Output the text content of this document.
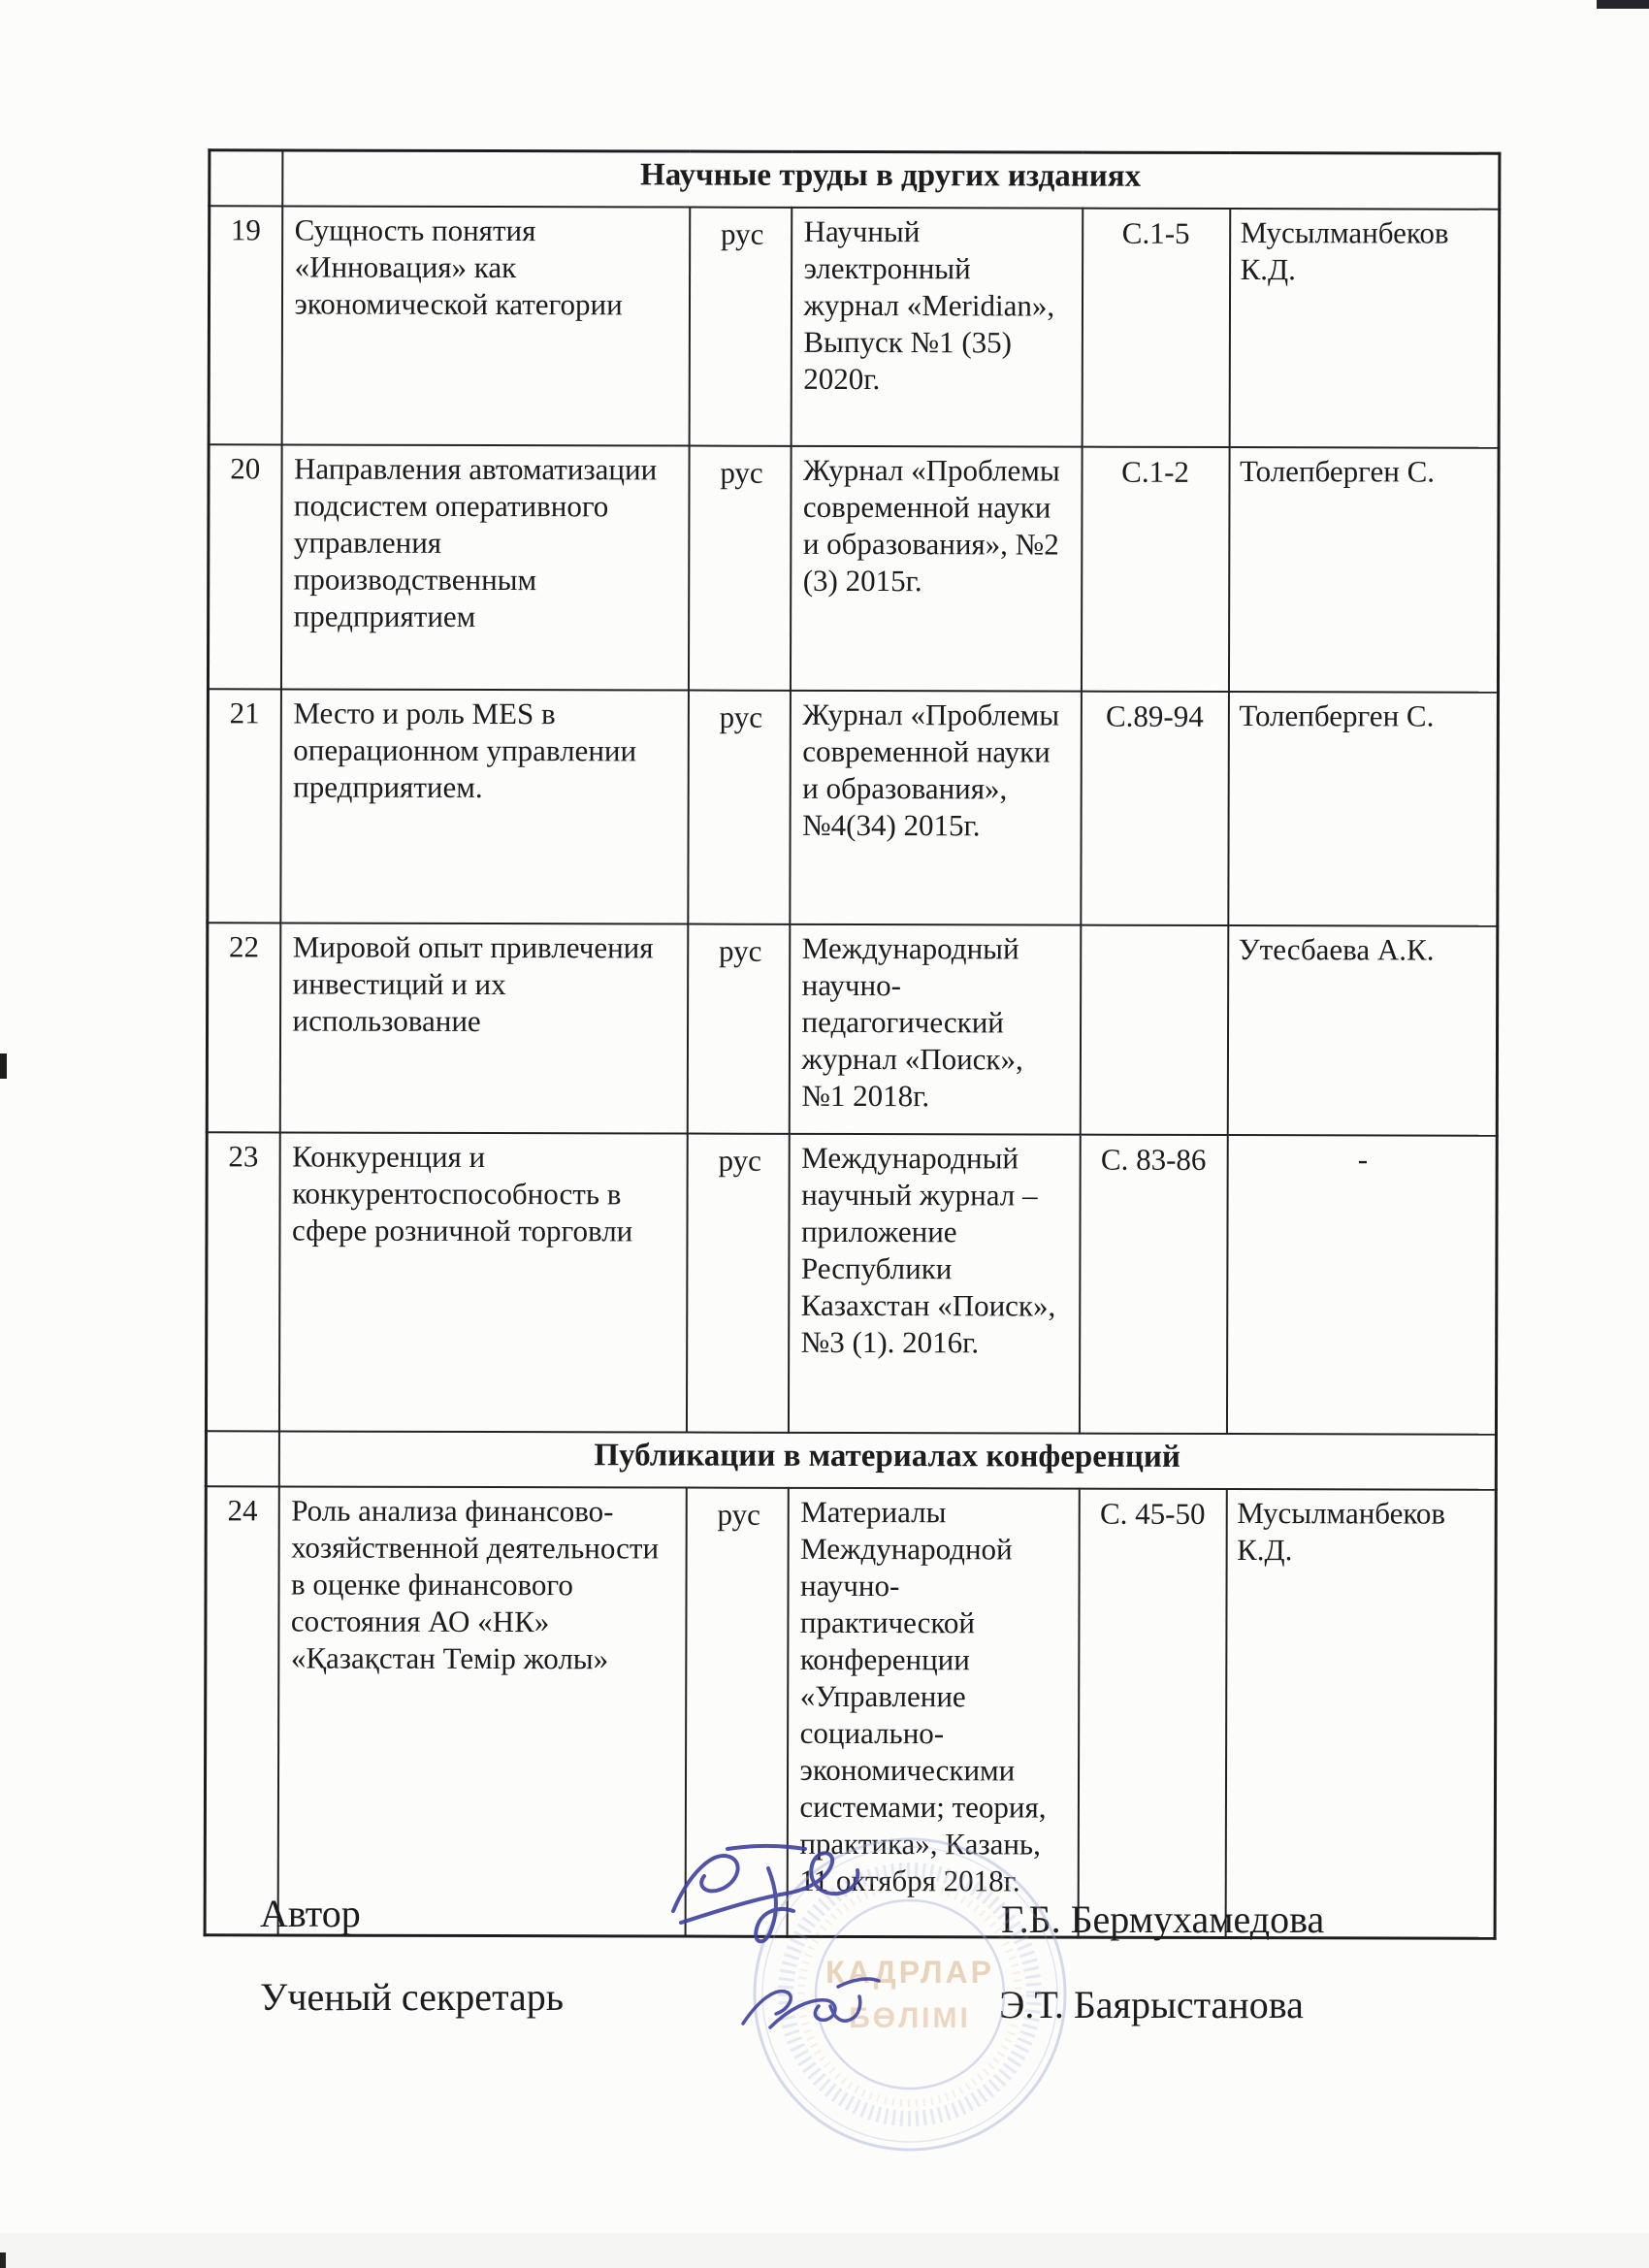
	Научные труды в других изданиях				
19	Сущность понятия «Инновация» как экономической категории	рус	Научный электронный журнал «Meridian», Выпуск №1 (35) 2020г.	С.1-5	Мусылманбеков К.Д.
20	Направления автоматизации подсистем оперативного управления производственным предприятием	рус	Журнал «Проблемы современной науки и образования», №2 (3) 2015г.	С.1-2	Толепберген С.
21	Место и роль MES в операционном управлении предприятием.	рус	Журнал «Проблемы современной науки и образования», №4(34) 2015г.	С.89-94	Толепберген С.
22	Мировой опыт привлечения инвестиций и их использование	рус	Международный научно-педагогический журнал «Поиск», №1 2018г.		Утесбаева А.К.
23	Конкуренция и конкурентоспособность в сфере розничной торговли	рус	Международный научный журнал – приложение Республики Казахстан «Поиск», №3 (1). 2016г.	С. 83-86	-
	Публикации в материалах конференций				
24	Роль анализа финансово-хозяйственной деятельности в оценке финансового состояния АО «НК» «Қазақстан Темір жолы»	рус	Материалы Международной научно-практической конференции «Управление социально-экономическими системами; теория, практика», Казань, 11 октября 2018г.	С. 45-50	Мусылманбеков К.Д.
КАДРЛАР
БӨЛІМІ
Автор	Г.Б. Бермухамедова
Ученый секретарь	Э.Т. Баярыстанова
